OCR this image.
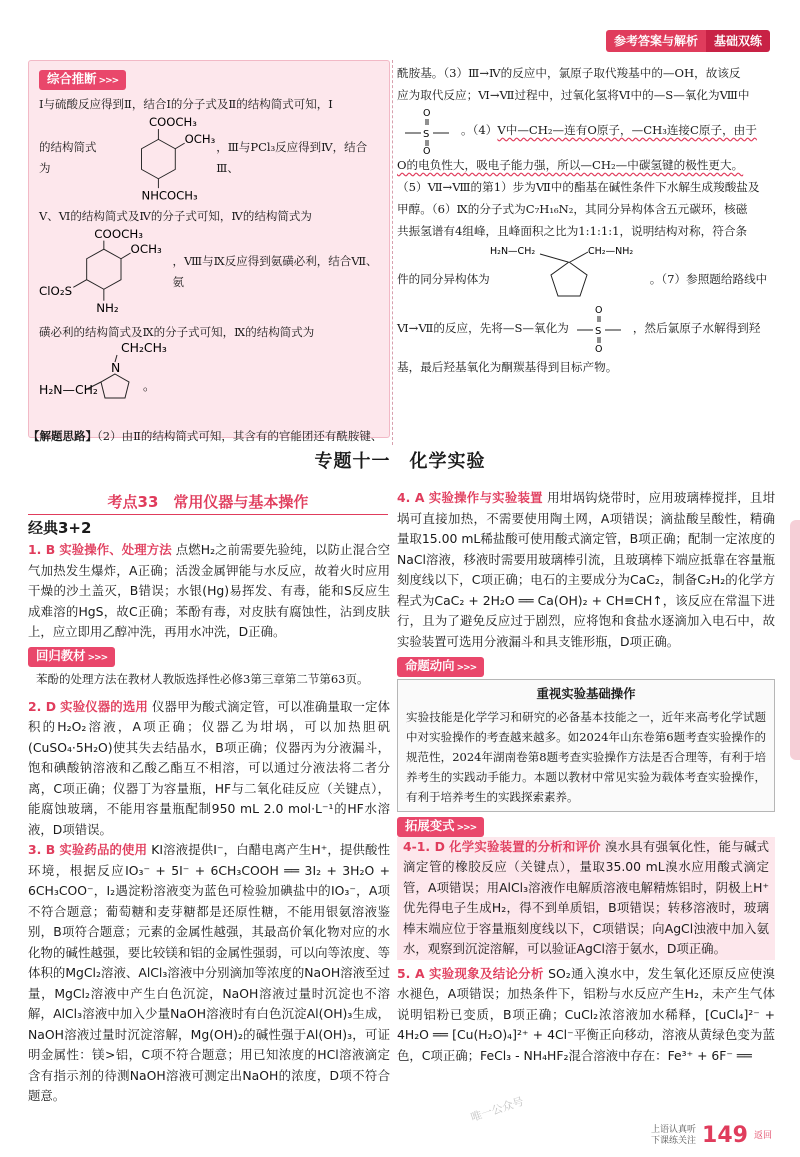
参考答案与解析	基础双练
综合推断 >>>

Ⅰ与硫酸反应得到Ⅱ，结合Ⅰ的分子式及Ⅱ的结构简式可知，Ⅰ

的结构简式为
COOCH₃
OCH₃
NHCOCH₃
，Ⅲ与PCl₃反应得到Ⅳ，结合Ⅲ、

Ⅴ、Ⅵ的结构简式及Ⅳ的分子式可知，Ⅳ的结构简式为

COOCH₃
OCH₃
ClO₂S
NH₂
，Ⅷ与Ⅸ反应得到氨磺必利，结合Ⅶ、氨

磺必利的结构简式及Ⅸ的分子式可知，Ⅸ的结构简式为

CH₂CH₃
N
H₂N—CH₂	。
【解题思路】（2）由Ⅱ的结构简式可知，其含有的官能团还有酰胺键、
酰胺基。（3）Ⅲ→Ⅳ的反应中，氯原子取代羧基中的—OH，故该反
应为取代反应；Ⅵ→Ⅶ过程中，过氧化氢将Ⅵ中的—S—氧化为Ⅷ中
O
S
O
。（4） Ⅴ中—CH₂—连有O原子，—CH₃连接C原子，由于
O的电负性大，吸电子能力强，所以—CH₂—中碳氢键的极性更大。
（5）Ⅶ→Ⅷ的第1）步为Ⅶ中的酯基在碱性条件下水解生成羧酸盐及
甲醇。（6）Ⅸ的分子式为C₇H₁₆N₂，其同分异构体含五元碳环，核磁
共振氢谱有4组峰，且峰面积之比为1:1:1:1，说明结构对称，符合条
件的同分异构体为
H₂N—CH₂	CH₂—NH₂
。（7）参照题给路线中
Ⅵ→Ⅶ的反应，先将—S—氧化为
O
S
O
，然后氯原子水解得到羟
基，最后羟基氧化为酮羰基得到目标产物。
专题十一　化学实验
考点33　常用仪器与基本操作
经典3+2

1. B 实验操作、处理方法 点燃H₂之前需要先验纯，以防止混合空气加热发生爆炸，A正确；活泼金属钾能与水反应，故着火时应用干燥的沙土盖灭，B错误；水银(Hg)易挥发、有毒，能和S反应生成难溶的HgS，故C正确；苯酚有毒，对皮肤有腐蚀性，沾到皮肤上，应立即用乙醇冲洗，再用水冲洗，D正确。

回归教材 >>>

苯酚的处理方法在教材人教版选择性必修3第三章第二节第63页。

2. D 实验仪器的选用 仪器甲为酸式滴定管，可以准确量取一定体积的H₂O₂溶液，A项正确；仪器乙为坩埚，可以加热胆矾(CuSO₄·5H₂O)使其失去结晶水，B项正确；仪器丙为分液漏斗，饱和碘酸钠溶液和乙酸乙酯互不相溶，可以通过分液法将二者分离，C项正确；仪器丁为容量瓶，HF与二氧化硅反应（关键点），能腐蚀玻璃，不能用容量瓶配制950 mL 2.0 mol·L⁻¹的HF水溶液，D项错误。

3. B 实验药品的使用 KI溶液提供I⁻，白醋电离产生H⁺，提供酸性环境，根据反应IO₃⁻ + 5I⁻ + 6CH₃COOH ══ 3I₂ + 3H₂O + 6CH₃COO⁻，I₂遇淀粉溶液变为蓝色可检验加碘盐中的IO₃⁻，A项不符合题意；葡萄糖和麦芽糖都是还原性糖，不能用银氨溶液鉴别，B项符合题意；元素的金属性越强，其最高价氧化物对应的水化物的碱性越强，要比较镁和铝的金属性强弱，可以向等浓度、等体积的MgCl₂溶液、AlCl₃溶液中分别滴加等浓度的NaOH溶液至过量，MgCl₂溶液中产生白色沉淀，NaOH溶液过量时沉淀也不溶解，AlCl₃溶液中加入少量NaOH溶液时有白色沉淀Al(OH)₃生成，NaOH溶液过量时沉淀溶解，Mg(OH)₂的碱性强于Al(OH)₃，可证明金属性：镁>铝，C项不符合题意；用已知浓度的HCl溶液滴定含有指示剂的待测NaOH溶液可测定出NaOH的浓度，D项不符合题意。

4. A 实验操作与实验装置 用坩埚钩烧带时，应用玻璃棒搅拌，且坩埚可直接加热，不需要使用陶土网，A项错误；滴盐酸呈酸性，精确量取15.00 mL稀盐酸可使用酸式滴定管，B项正确；配制一定浓度的NaCl溶液，移液时需要用玻璃棒引流，且玻璃棒下端应抵靠在容量瓶刻度线以下，C项正确；电石的主要成分为CaC₂，制备C₂H₂的化学方程式为CaC₂ + 2H₂O ══ Ca(OH)₂ + CH≡CH↑，该反应在常温下进行，且为了避免反应过于剧烈，应将饱和食盐水逐滴加入电石中，故实验装置可选用分液漏斗和具支锥形瓶，D项正确。

命题动向 >>>
重视实验基础操作

实验技能是化学学习和研究的必备基本技能之一，近年来高考化学试题中对实验操作的考查越来越多。如2024年山东卷第6题考查实验操作的规范性，2024年湖南卷第8题考查实验操作方法是否合理等，有利于培养考生的实践动手能力。本题以教材中常见实验为载体考查实验操作，有利于培养考生的实践探索素养。

拓展变式 >>>

4-1. D 化学实验装置的分析和评价 溴水具有强氧化性，能与碱式滴定管的橡胶反应（关键点），量取35.00 mL溴水应用酸式滴定管，A项错误；用AlCl₃溶液作电解质溶液电解精炼铝时，阴极上H⁺优先得电子生成H₂，得不到单质铝，B项错误；转移溶液时，玻璃棒末端应位于容量瓶刻度线以下，C项错误；向AgCl浊液中加入氨水，观察到沉淀溶解，可以验证AgCl溶于氨水，D项正确。

5. A 实验现象及结论分析 SO₂通入溴水中，发生氧化还原反应使溴水褪色，A项错误；加热条件下，铝粉与水反应产生H₂，未产生气体说明铝粉已变质，B项正确；CuCl₂浓溶液加水稀释，[CuCl₄]²⁻ + 4H₂O ══ [Cu(H₂O)₄]²⁺ + 4Cl⁻平衡正向移动，溶液从黄绿色变为蓝色，C项正确；FeCl₃ - NH₄HF₂混合溶液中存在：Fe³⁺ + 6F⁻ ══

唯一公众号
上语认真听
下课练关注 149 返回
